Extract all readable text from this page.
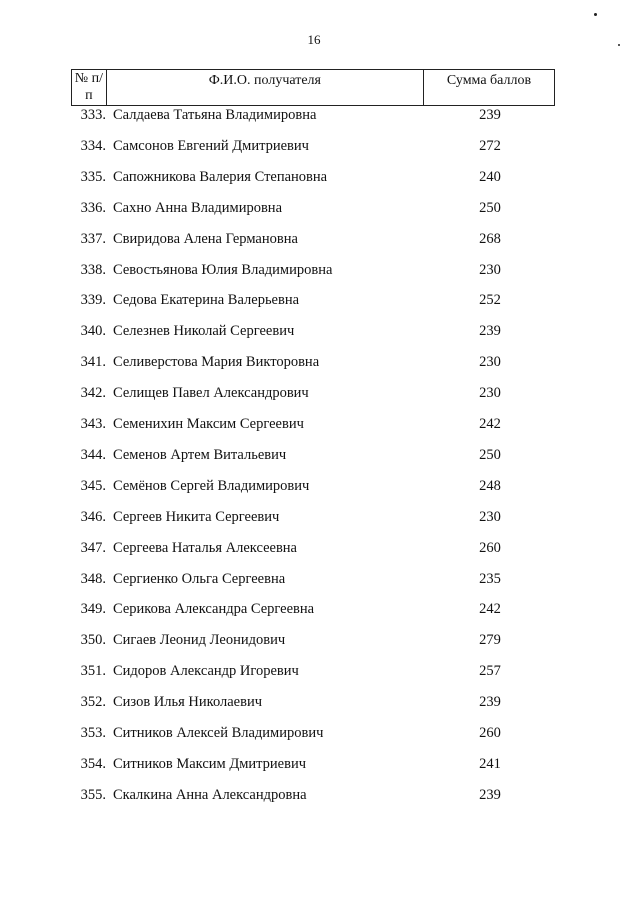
16
№ п/п	Ф.И.О. получателя	Сумма баллов
333. Салдаева Татьяна Владимировна	239
334. Самсонов Евгений Дмитриевич	272
335. Сапожникова Валерия Степановна	240
336. Сахно Анна Владимировна	250
337. Свиридова Алена Германовна	268
338. Севостьянова Юлия Владимировна	230
339. Седова Екатерина Валерьевна	252
340. Селезнев Николай Сергеевич	239
341. Селиверстова Мария Викторовна	230
342. Селищев Павел Александрович	230
343. Семенихин Максим Сергеевич	242
344. Семенов Артем Витальевич	250
345. Семёнов Сергей Владимирович	248
346. Сергеев Никита Сергеевич	230
347. Сергеева Наталья Алексеевна	260
348. Сергиенко Ольга Сергеевна	235
349. Серикова Александра Сергеевна	242
350. Сигаев Леонид Леонидович	279
351. Сидоров Александр Игоревич	257
352. Сизов Илья Николаевич	239
353. Ситников Алексей Владимирович	260
354. Ситников Максим Дмитриевич	241
355. Скалкина Анна Александровна	239
